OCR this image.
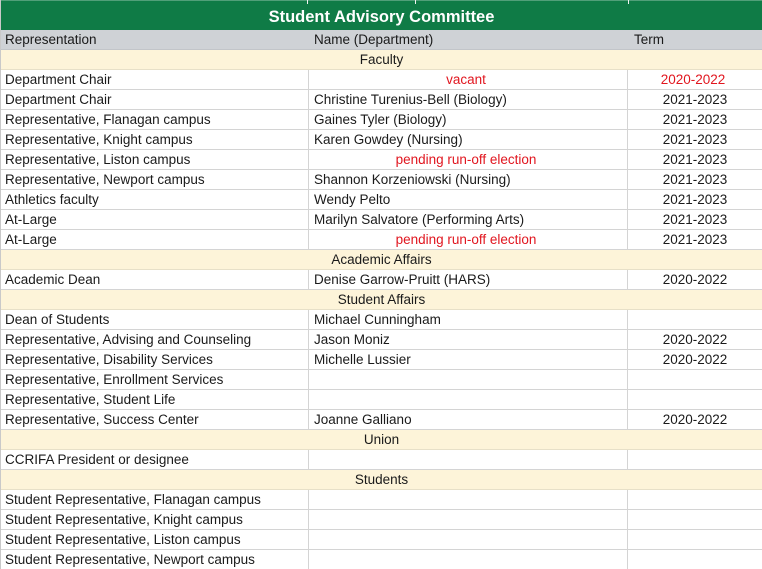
Student Advisory Committee
Representation	Name (Department)	Term
Faculty
Department Chair	vacant	2020-2022
Department Chair	Christine Turenius-Bell (Biology)	2021-2023
Representative, Flanagan campus	Gaines Tyler (Biology)	2021-2023
Representative, Knight campus	Karen Gowdey (Nursing)	2021-2023
Representative, Liston campus	pending run-off election	2021-2023
Representative, Newport campus	Shannon Korzeniowski (Nursing)	2021-2023
Athletics faculty	Wendy Pelto	2021-2023
At-Large	Marilyn Salvatore (Performing Arts)	2021-2023
At-Large	pending run-off election	2021-2023
Academic Affairs
Academic Dean	Denise Garrow-Pruitt (HARS)	2020-2022
Student Affairs
Dean of Students	Michael Cunningham
Representative, Advising and Counseling	Jason Moniz	2020-2022
Representative, Disability Services	Michelle Lussier	2020-2022
Representative, Enrollment Services
Representative, Student Life
Representative, Success Center	Joanne Galliano	2020-2022
Union
CCRIFA President or designee
Students
Student Representative, Flanagan campus
Student Representative, Knight campus
Student Representative, Liston campus
Student Representative, Newport campus
